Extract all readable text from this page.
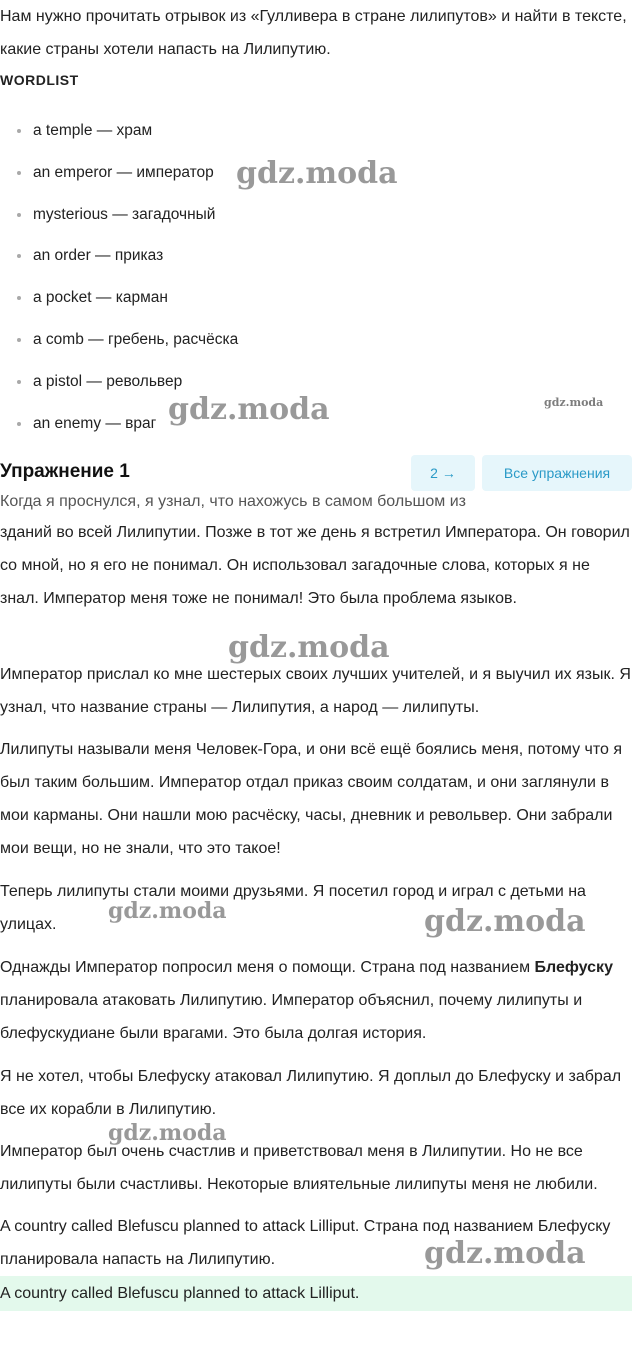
Нам нужно прочитать отрывок из «Гулливера в стране лилипутов» и найти в тексте, какие страны хотели напасть на Лилипутию.

WORDLIST
a temple — храм
an emperor — император
mysterious — загадочный
an order — приказ
a pocket — карман
a comb — гребень, расчёска
a pistol — револьвер
an enemy — враг
Упражнение 1	2 →	Все упражнения
Когда я проснулся, я узнал, что нахожусь в самом большом из

зданий во всей Лилипутии. Позже в тот же день я встретил Императора. Он говорил со мной, но я его не понимал. Он использовал загадочные слова, которых я не знал. Император меня тоже не понимал! Это была проблема языков.

Император прислал ко мне шестерых своих лучших учителей, и я выучил их язык. Я узнал, что название страны — Лилипутия, а народ — лилипуты.

Лилипуты называли меня Человек-Гора, и они всё ещё боялись меня, потому что я был таким большим. Император отдал приказ своим солдатам, и они заглянули в мои карманы. Они нашли мою расчёску, часы, дневник и револьвер. Они забрали мои вещи, но не знали, что это такое!

Теперь лилипуты стали моими друзьями. Я посетил город и играл с детьми на улицах.

Однажды Император попросил меня о помощи. Страна под названием Блефуску планировала атаковать Лилипутию. Император объяснил, почему лилипуты и блефускудиане были врагами. Это была долгая история.

Я не хотел, чтобы Блефуску атаковал Лилипутию. Я доплыл до Блефуску и забрал все их корабли в Лилипутию.

Император был очень счастлив и приветствовал меня в Лилипутии. Но не все лилипуты были счастливы. Некоторые влиятельные лилипуты меня не любили.

A country called Blefuscu planned to attack Lilliput. Страна под названием Блефуску планировала напасть на Лилипутию.

A country called Blefuscu planned to attack Lilliput.
gdz.moda
gdz.moda	gdz.moda
gdz.moda
gdz.moda	gdz.moda
gdz.moda
gdz.moda
